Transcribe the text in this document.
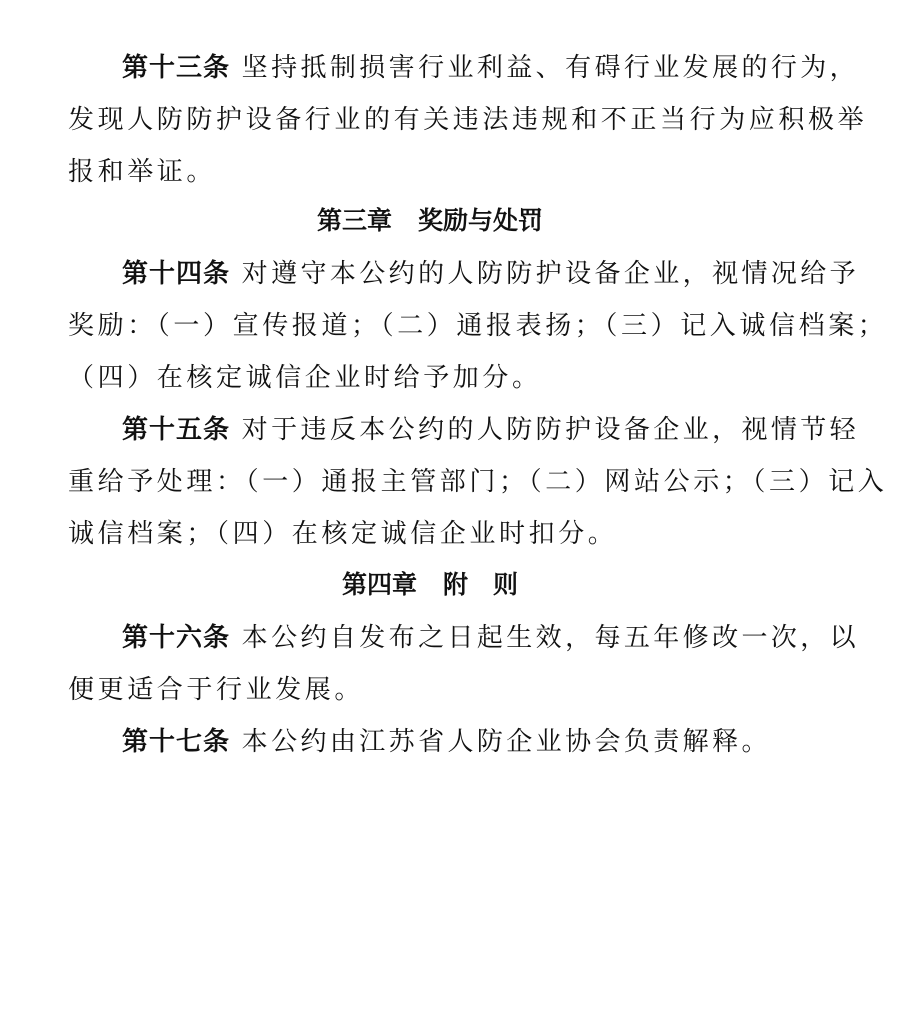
第十三条 坚持抵制损害行业利益、有碍行业发展的行为，
发现人防防护设备行业的有关违法违规和不正当行为应积极举
报和举证。
第三章 奖励与处罚
第十四条 对遵守本公约的人防防护设备企业，视情况给予
奖励：（一）宣传报道；（二）通报表扬；（三）记入诚信档案；
（四）在核定诚信企业时给予加分。
第十五条 对于违反本公约的人防防护设备企业，视情节轻
重给予处理：（一）通报主管部门；（二）网站公示；（三）记入
诚信档案；（四）在核定诚信企业时扣分。
第四章 附　则
第十六条 本公约自发布之日起生效，每五年修改一次，以
便更适合于行业发展。
第十七条 本公约由江苏省人防企业协会负责解释。
